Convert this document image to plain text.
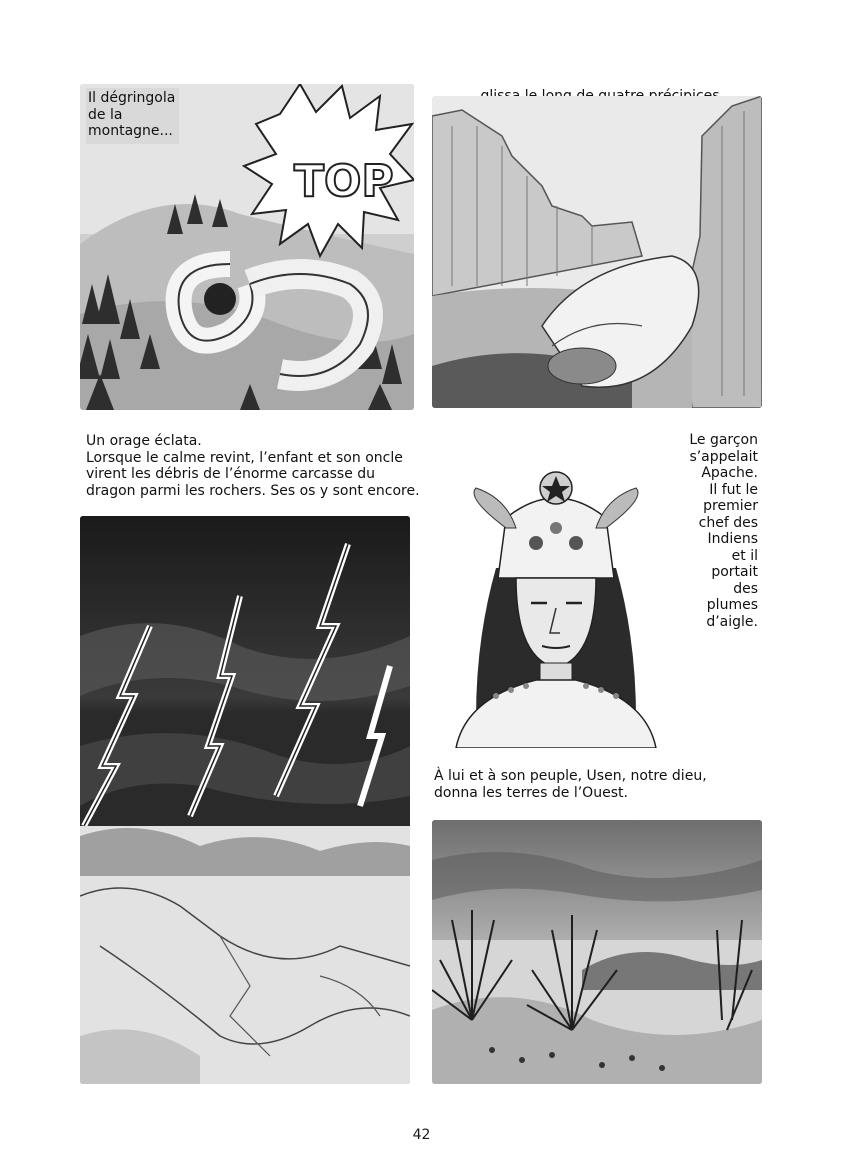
TOP
Il dégringola
de la
montagne...
Un orage éclata.
Lorsque le calme revint, l’enfant et son oncle
virent les débris de l’énorme carcasse du
dragon parmi les rochers. Ses os y sont encore.
Le garçon
s’appelait
Apache.
Il fut le
premier
chef des
Indiens
et il
portait
des
plumes
d’aigle.
À lui et à son peuple, Usen, notre dieu,
donna les terres de l’Ouest.
42
